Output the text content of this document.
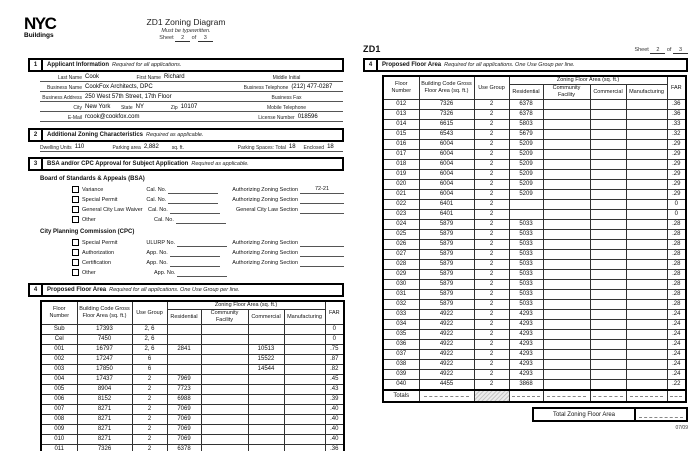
NYC
Buildings
ZD1 Zoning Diagram
Must be typewritten.
Sheet 2 of 3
1	Applicant Information Required for all applications.
Last Name Cook	First Name Richard	Middle Initial
Business Name CookFox Architects, DPC	Business Telephone (212) 477-0287
Business Address 250 West 57th Street, 17th Floor	Business Fax
City New York State NY	Zip 10107	Mobile Telephone
E-Mail rcook@cookfox.com	License Number 018596
2	Additional Zoning Characteristics Required as applicable.
Dwelling Units 110	Parking area 2,882	sq. ft.	Parking Spaces: Total 18 Enclosed 18
3	BSA and/or CPC Approval for Subject Application Required as applicable.
Board of Standards & Appeals (BSA)
Variance	Cal. No.	Authorizing Zoning Section	72-21
Special Permit	Cal. No.	Authorizing Zoning Section
General City Law Waiver Cal. No.	General City Law Section
Other	Cal. No.
City Planning Commission (CPC)
Special Permit	ULURP No.	Authorizing Zoning Section
Authorization	App. No.	Authorizing Zoning Section
Certification	App. No.	Authorizing Zoning Section
Other	App. No.
4	Proposed Floor Area Required for all applications. One Use Group per line.
Floor Number	Building Code Gross Floor Area (sq. ft.)	Use Group	Zoning Floor Area (sq. ft.)				FAR
			Residential	Community Facility	Commercial	Manufacturing	
Sub	17393	2, 6					0
Cel	7450	2, 6					0
001	16797	2, 6	2841		10513		.75
002	17247	6			15522		.87
003	17850	6			14544		.82
004	17437	2	7969				.45
005	8904	2	7723				.43
006	8152	2	6988				.39
007	8271	2	7069				.40
008	8271	2	7069				.40
009	8271	2	7069				.40
010	8271	2	7069				.40
011	7326	2	6378				.36
ZD1	Sheet 2 of 3
4	Proposed Floor Area Required for all applications. One Use Group per line.
Floor Number	Building Code Gross Floor Area (sq. ft.)	Use Group	Zoning Floor Area (sq. ft.)				FAR
			Residential	Community Facility	Commercial	Manufacturing	
012	7326	2	6378				.36
013	7326	2	6378				.36
014	6615	2	5803				.33
015	6543	2	5679				.32
016	6004	2	5209				.29
017	6004	2	5209				.29
018	6004	2	5209				.29
019	6004	2	5209				.29
020	6004	2	5209				.29
021	6004	2	5209				.29
022	6401	2					0
023	6401	2					0
024	5879	2	5033				.28
025	5879	2	5033				.28
026	5879	2	5033				.28
027	5879	2	5033				.28
028	5879	2	5033				.28
029	5879	2	5033				.28
030	5879	2	5033				.28
031	5879	2	5033				.28
032	5879	2	5033				.28
033	4922	2	4293				.24
034	4922	2	4293				.24
035	4922	2	4293				.24
036	4922	2	4293				.24
037	4922	2	4293				.24
038	4922	2	4293				.24
039	4922	2	4293				.24
040	4455	2	3868				.22
Totals							
Total Zoning Floor Area
07/09
